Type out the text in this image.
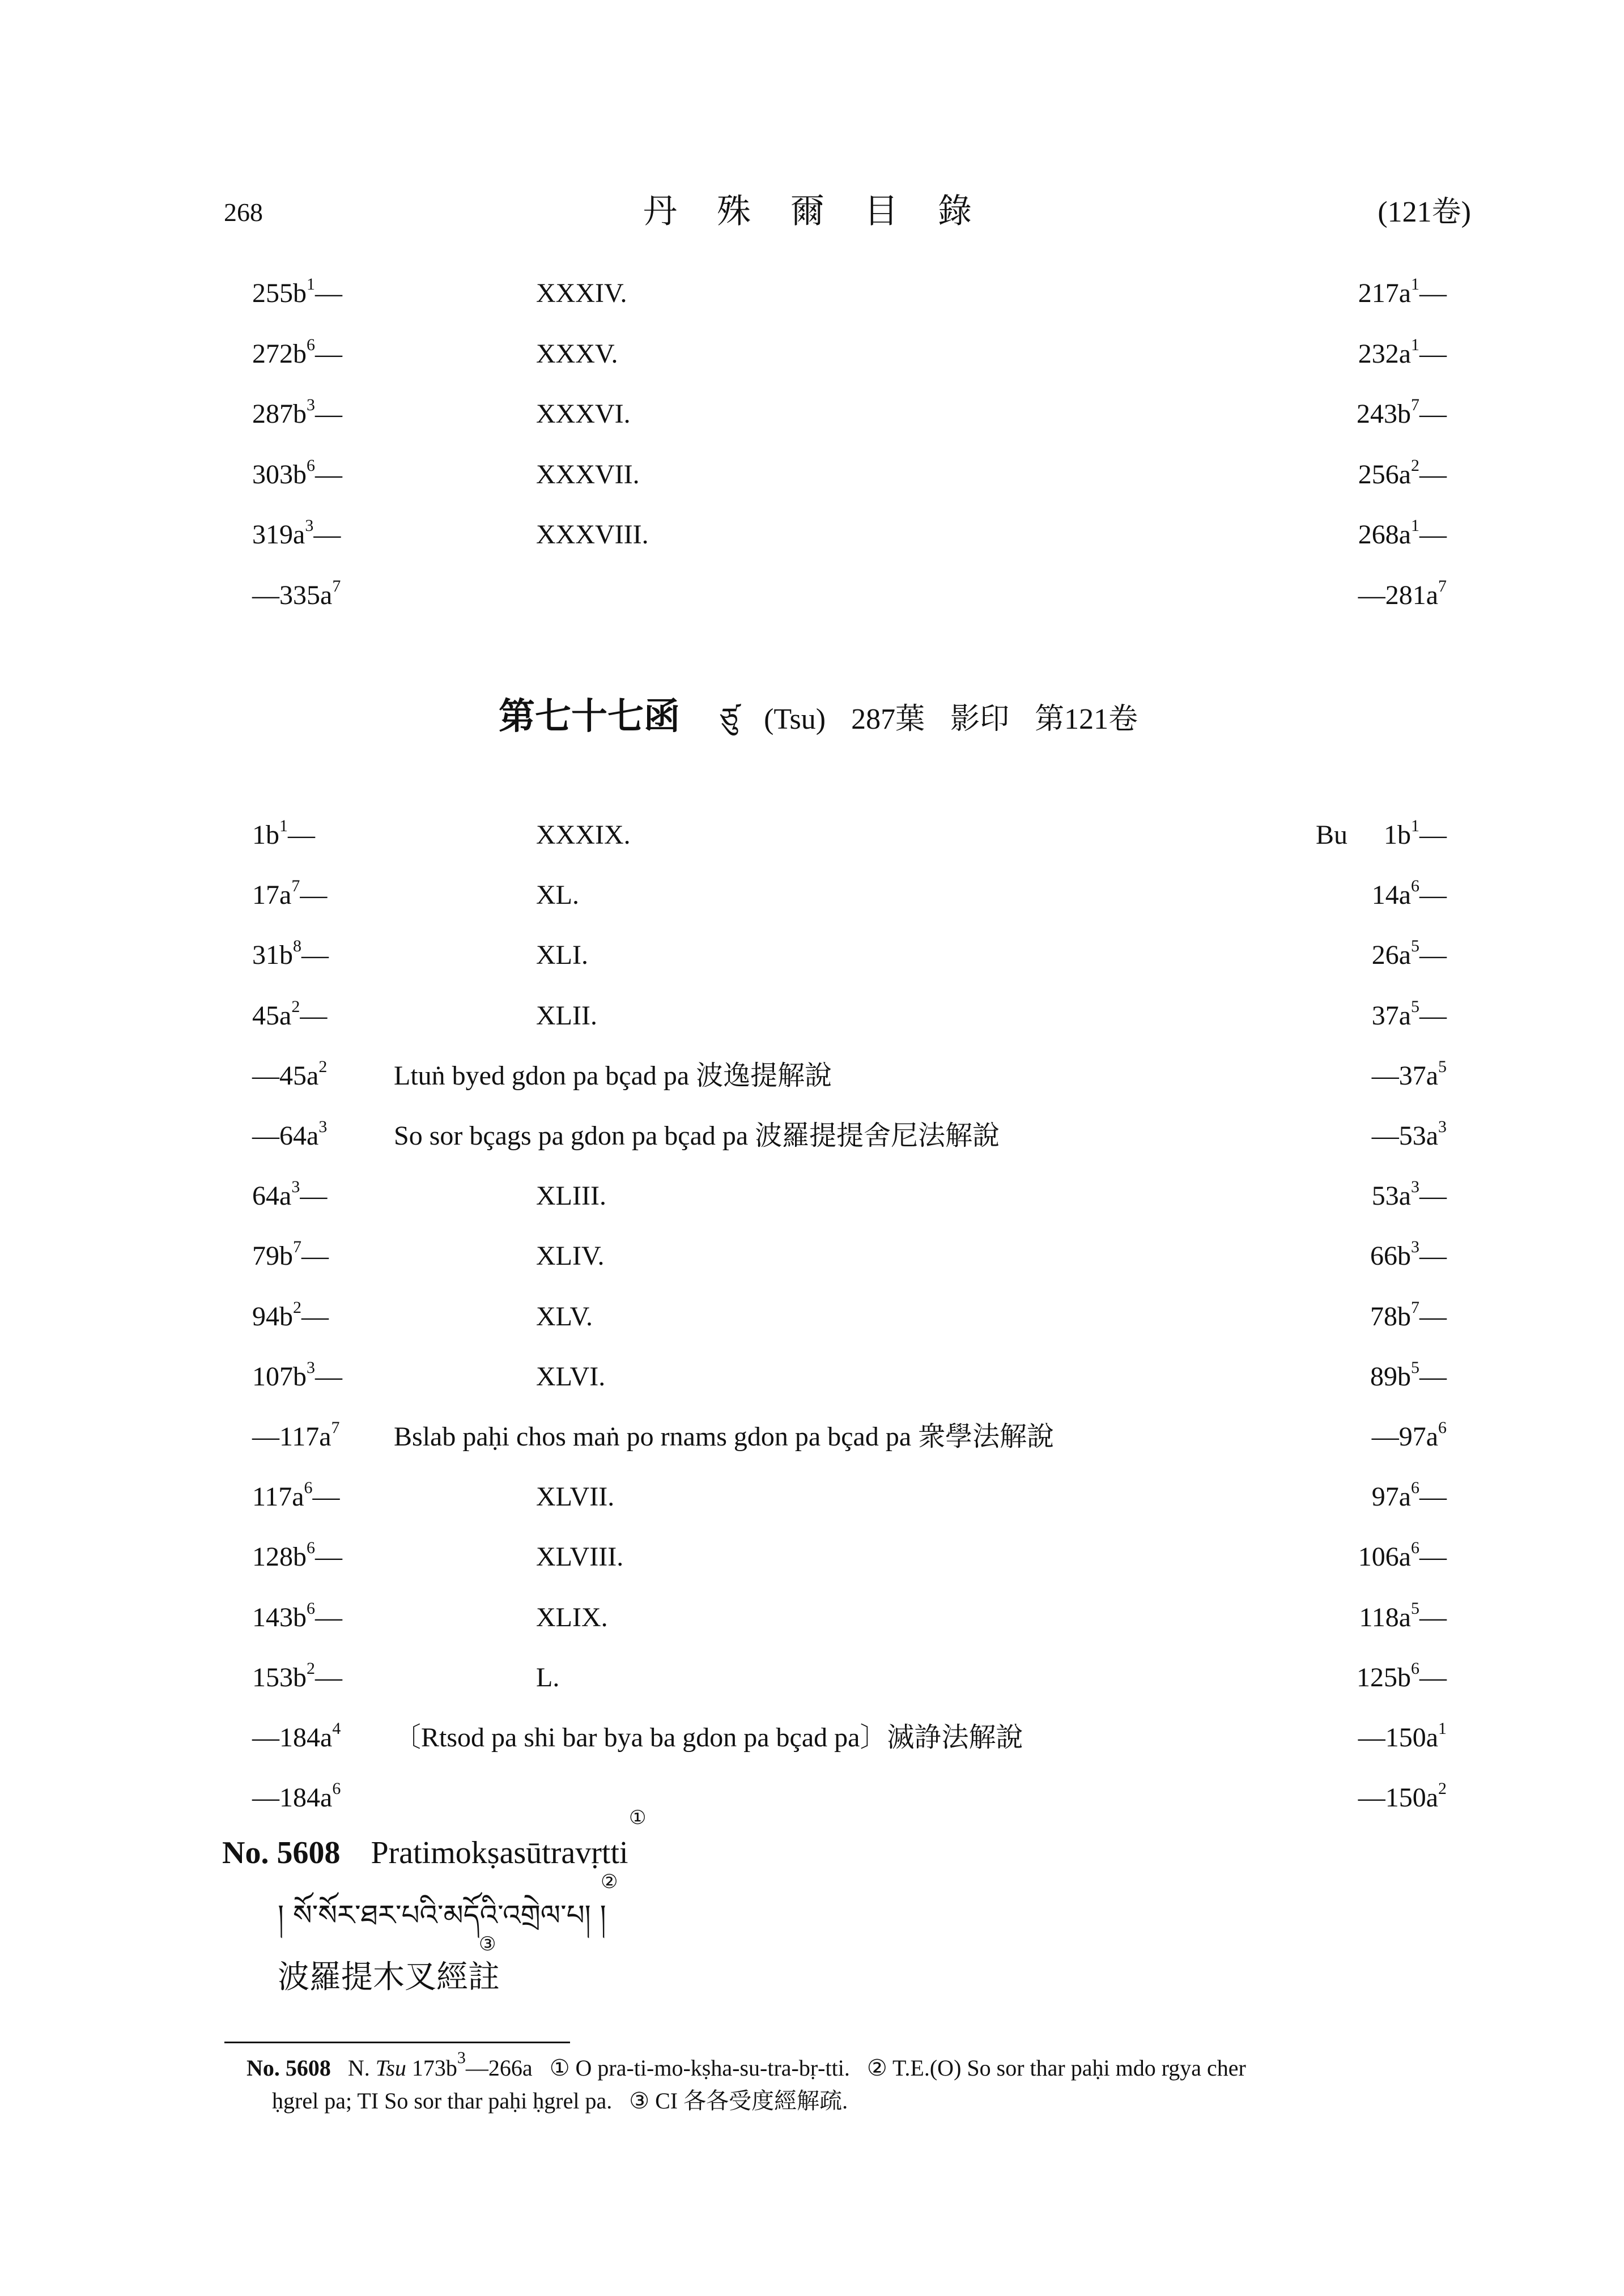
268	丹殊爾目錄	(121卷)
$255b^1—$	XXXIV.	$217a^1—$
$272b^6—$	XXXV.	$232a^1—$
$287b^3—$	XXXVI.	$243b^7—$
$303b^6—$	XXXVII.	$256a^2—$
$319a^3—$	XXXVIII.	$268a^1—$
$—335a^7$	$—281a^7$
第七十七函 ཙུ (Tsu) 287葉 影印 第121卷
$1b^1—$	XXXIX.	Bu $1b^1—$
$17a^7—$	XL.	$14a^6—$
$31b^8—$	XLI.	$26a^5—$
$45a^2—$	XLII.	$37a^5—$
$—45a^2$ Ltuṅ byed gdon pa bçad pa 波逸提解說	$—37a^5$
$—64a^3$ So sor bçags pa gdon pa bçad pa 波羅提提舍尼法解說	$—53a^3$
$64a^3—$	XLIII.	$53a^3—$
$79b^7—$	XLIV.	$66b^3—$
$94b^2—$	XLV.	$78b^7—$
$107b^3—$	XLVI.	$89b^5—$
$—117a^7$ Bslab paḥi chos maṅ po rnams gdon pa bçad pa 衆學法解說	$—97a^6$
$117a^6—$	XLVII.	$97a^6—$
$128b^6—$	XLVIII.	$106a^6—$
$143b^6—$	XLIX.	$118a^5—$
$153b^2—$	L.	$125b^6—$
$—184a^4$ 〔Rtsod pa shi bar bya ba gdon pa bçad pa〕滅諍法解說	$—150a^1$
$—184a^6$	$—150a^2$
①
No. 5608 Pratimokṣasūtravṛtti
②
། སོ་སོར་ཐར་པའི་མདོའི་འགྲེལ་པ། །
③
波羅提木叉經註
No. 5608 N. Tsu $173b^3—266a$ ① O pra-ti-mo-kṣha-su-tra-bṛ-tti. ② T.E.(O) So sor thar paḥi mdo rgya cher
ḥgrel pa; TI So sor thar paḥi ḥgrel pa. ③ CI 各各受度經解疏.
